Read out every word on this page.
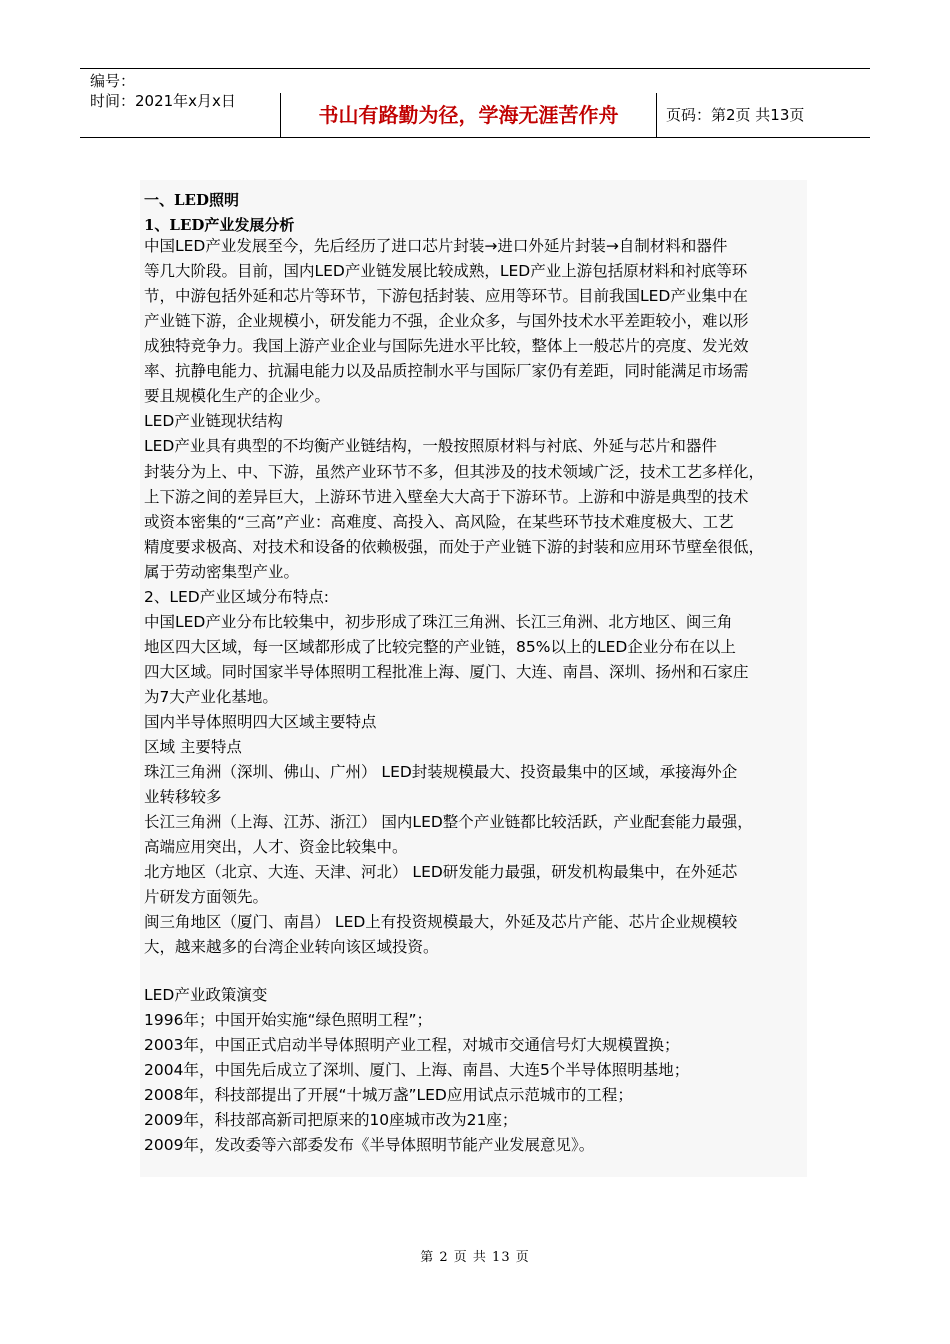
编号：
时间：2021年x月x日
书山有路勤为径，学海无涯苦作舟	页码：第2页 共13页
一、LED照明
1、LED产业发展分析
中国LED产业发展至今，先后经历了进口芯片封装→进口外延片封装→自制材料和器件
等几大阶段。目前，国内LED产业链发展比较成熟，LED产业上游包括原材料和衬底等环
节，中游包括外延和芯片等环节，下游包括封装、应用等环节。目前我国LED产业集中在
产业链下游，企业规模小，研发能力不强，企业众多，与国外技术水平差距较小，难以形
成独特竞争力。我国上游产业企业与国际先进水平比较，整体上一般芯片的亮度、发光效
率、抗静电能力、抗漏电能力以及品质控制水平与国际厂家仍有差距，同时能满足市场需
要且规模化生产的企业少。
LED产业链现状结构
LED产业具有典型的不均衡产业链结构，一般按照原材料与衬底、外延与芯片和器件
封装分为上、中、下游，虽然产业环节不多，但其涉及的技术领域广泛，技术工艺多样化，
上下游之间的差异巨大，上游环节进入壁垒大大高于下游环节。上游和中游是典型的技术
或资本密集的“三高”产业：高难度、高投入、高风险，在某些环节技术难度极大、工艺
精度要求极高、对技术和设备的依赖极强，而处于产业链下游的封装和应用环节壁垒很低，
属于劳动密集型产业。
2、LED产业区域分布特点:
中国LED产业分布比较集中，初步形成了珠江三角洲、长江三角洲、北方地区、闽三角
地区四大区域，每一区域都形成了比较完整的产业链，85%以上的LED企业分布在以上
四大区域。同时国家半导体照明工程批准上海、厦门、大连、南昌、深圳、扬州和石家庄
为7大产业化基地。
国内半导体照明四大区域主要特点
区域 主要特点
珠江三角洲（深圳、佛山、广州） LED封装规模最大、投资最集中的区域，承接海外企
业转移较多
长江三角洲（上海、江苏、浙江） 国内LED整个产业链都比较活跃，产业配套能力最强，
高端应用突出，人才、资金比较集中。
北方地区（北京、大连、天津、河北） LED研发能力最强，研发机构最集中，在外延芯
片研发方面领先。
闽三角地区（厦门、南昌） LED上有投资规模最大，外延及芯片产能、芯片企业规模较
大，越来越多的台湾企业转向该区域投资。
LED产业政策演变
1996年；中国开始实施“绿色照明工程”；
2003年，中国正式启动半导体照明产业工程，对城市交通信号灯大规模置换；
2004年，中国先后成立了深圳、厦门、上海、南昌、大连5个半导体照明基地；
2008年，科技部提出了开展“十城万盏”LED应用试点示范城市的工程；
2009年，科技部高新司把原来的10座城市改为21座；
2009年，发改委等六部委发布《半导体照明节能产业发展意见》。
第 2 页 共 13 页
